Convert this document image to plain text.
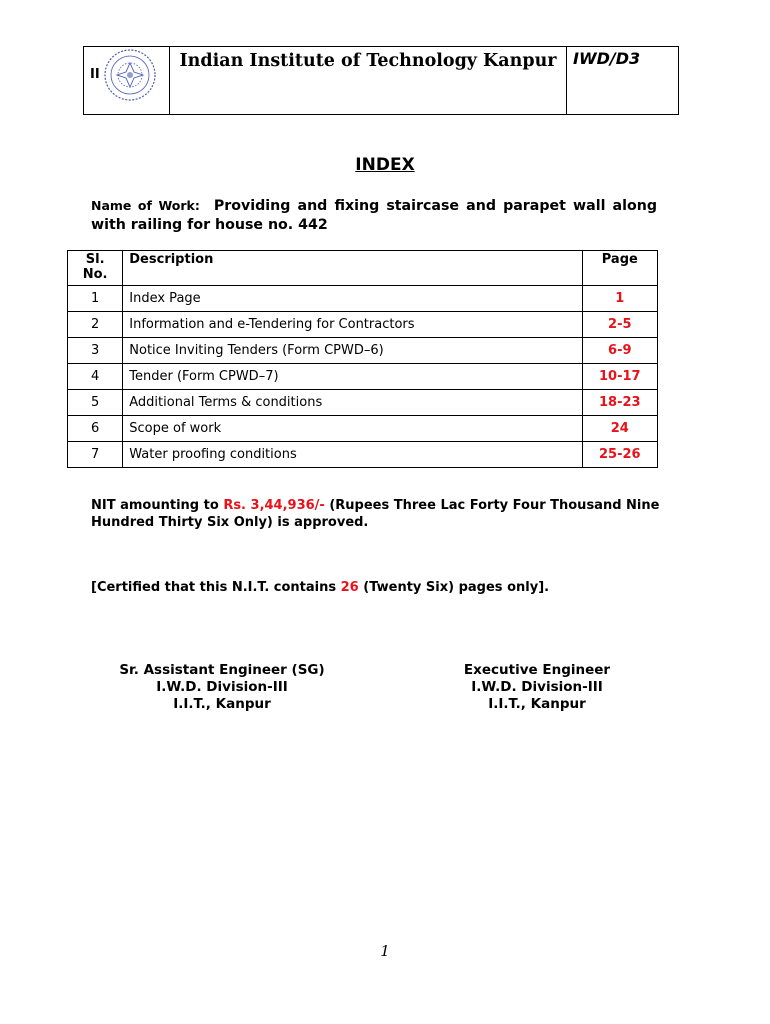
II
Indian Institute of Technology Kanpur	IWD/D3
INDEX
Name of Work: Providing and fixing staircase and parapet wall along with railing for house no. 442
Sl. No.	Description	Page
1	Index Page	1
2	Information and e-Tendering for Contractors	2-5
3	Notice Inviting Tenders (Form CPWD–6)	6-9
4	Tender (Form CPWD–7)	10-17
5	Additional Terms & conditions	18-23
6	Scope of work	24
7	Water proofing conditions	25-26
NIT amounting to Rs. 3,44,936/- (Rupees Three Lac Forty Four Thousand Nine Hundred Thirty Six Only) is approved.
[Certified that this N.I.T. contains 26 (Twenty Six) pages only].
Sr. Assistant Engineer (SG)
I.W.D. Division-III
I.I.T., Kanpur
Executive Engineer
I.W.D. Division-III
I.I.T., Kanpur
1
